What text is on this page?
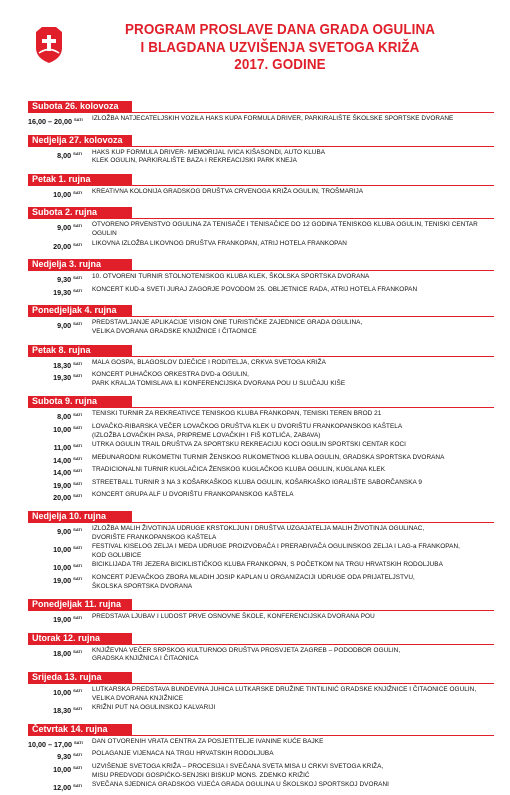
PROGRAM PROSLAVE DANA GRADA OGULINA
I BLAGDANA UZVIŠENJA SVETOGA KRIŽA
2017. GODINE
Subota 26. kolovoza
16,00 – 20,00 $^{SATI}$	IZLOŽBA NATJECATELJSKIH VOZILA HAKS KUPA FORMULA DRIVER, PARKIRALIŠTE ŠKOLSKE SPORTSKE DVORANE
Nedjelja 27. kolovoza
8,00 $^{SATI}$	HAKS KUP FORMULA DRIVER- MEMORIJAL IVICA KIŠASONDI, AUTO KLUBA
KLEK OGULIN, PARKIRALIŠTE BAZA I REKREACIJSKI PARK KNEJA
Petak 1. rujna
10,00 $^{SATI}$	KREATIVNA KOLONIJA GRADSKOG DRUŠTVA CRVENOGA KRIŽA OGULIN, TROŠMARIJA
Subota 2. rujna
9,00 $^{SATI}$	OTVORENO PRVENSTVO OGULINA ZA TENISAČE I TENISAČICE DO 12 GODINA TENISKOG KLUBA OGULIN, TENISKI CENTAR OGULIN
20,00 $^{SATI}$	LIKOVNA IZLOŽBA LIKOVNOG DRUŠTVA FRANKOPAN, ATRIJ HOTELA FRANKOPAN
Nedjelja 3. rujna
9,30 $^{SATI}$	10. OTVORENI TURNIR STOLNOTENISKOG KLUBA KLEK, ŠKOLSKA SPORTSKA DVORANA
19,30 $^{SATI}$	KONCERT KUD-a SVETI JURAJ ZAGORJE POVODOM 25. OBLJETNICE RADA, ATRIJ HOTELA FRANKOPAN
Ponedjeljak 4. rujna
9,00 $^{SATI}$	PREDSTAVLJANJE APLIKACIJE VISION ONE TURISTIČKE ZAJEDNICE GRADA OGULINA,
VELIKA DVORANA GRADSKE KNJIŽNICE I ČITAONICE
Petak 8. rujna
18,30 $^{SATI}$	MALA GOSPA, BLAGOSLOV DJEČICE I RODITELJA, CRKVA SVETOGA KRIŽA
19,30 $^{SATI}$	KONCERT PUHAČKOG ORKESTRA DVD-a OGULIN,
PARK KRALJA TOMISLAVA ILI KONFERENCIJSKA DVORANA POU U SLUČAJU KIŠE
Subota 9. rujna
8,00 $^{SATI}$	TENISKI TURNIR ZA REKREATIVCE TENISKOG KLUBA FRANKOPAN, TENISKI TEREN BROD 21
10,00 $^{SATI}$	LOVAČKO-RIBARSKA VEČER LOVAČKOG DRUŠTVA KLEK U DVORIŠTU FRANKOPANSKOG KAŠTELA
(IZLOŽBA LOVAČKIH PASA, PRIPREME LOVAČKIH I FIŠ KOTLIĆA, ZABAVA)
11,00 $^{SATI}$	UTRKA OGULIN TRAIL DRUŠTVA ZA SPORTSKU REKREACIJU KOCI OGULIN SPORTSKI CENTAR KOCI
14,00 $^{SATI}$	MEĐUNARODNI RUKOMETNI TURNIR ŽENSKOG RUKOMETNOG KLUBA OGULIN, GRADSKA SPORTSKA DVORANA
14,00 $^{SATI}$	TRADICIONALNI TURNIR KUGLAČICA ŽENSKOG KUGLAČKOG KLUBA OGULIN, KUGLANA KLEK
19,00 $^{SATI}$	STREETBALL TURNIR 3 NA 3 KOŠARKAŠKOG KLUBA OGULIN, KOŠARKAŠKO IGRALIŠTE SABORČANSKA 9
20,00 $^{SATI}$	KONCERT GRUPA ALF U DVORIŠTU FRANKOPANSKOG KAŠTELA
Nedjelja 10. rujna
9,00 $^{SATI}$	IZLOŽBA MALIH ŽIVOTINJA UDRUGE KRSTOKLJUN I DRUŠTVA UZGAJATELJA MALIH ŽIVOTINJA OGULINAC,
DVORIŠTE FRANKOPANSKOG KAŠTELA
10,00 $^{SATI}$	FESTIVAL KISELOG ZELJA I MEDA UDRUGE PROIZVOĐAČA I PRERAĐIVAČA OGULINSKOG ZELJA I LAG-a FRANKOPAN,
KOD GOLUBICE
10,00 $^{SATI}$	BICIKLIJADA TRI JEZERA BICIKLISTIČKOG KLUBA FRANKOPAN, S POČETKOM NA TRGU HRVATSKIH RODOLJUBA
19,00 $^{SATI}$	KONCERT PJEVAČKOG ZBORA MLADIH JOSIP KAPLAN U ORGANIZACIJI UDRUGE ODA PRIJATELJSTVU,
ŠKOLSKA SPORTSKA DVORANA
Ponedjeljak 11. rujna
19,00 $^{SATI}$	PREDSTAVA LJUBAV I LUDOST PRVE OSNOVNE ŠKOLE, KONFERENCIJSKA DVORANA POU
Utorak 12. rujna
18,00 $^{SATI}$	KNJIŽEVNA VEČER SRPSKOG KULTURNOG DRUŠTVA PROSVJETA ZAGREB – PODODBOR OGULIN,
GRADSKA KNJIŽNICA I ČITAONICA
Srijeda 13. rujna
10,00 $^{SATI}$	LUTKARSKA PREDSTAVA BUNDEVINA JUHICA LUTKARSKE DRUŽINE TINTILINIĆ GRADSKE KNJIŽNICE I ČITAONICE OGULIN,
VELIKA DVORANA KNJIŽNICE
18,30 $^{SATI}$	KRIŽNI PUT NA OGULINSKOJ KALVARIJI
Četvrtak 14. rujna
10,00 – 17,00 $^{SATI}$	DAN OTVORENIH VRATA CENTRA ZA POSJETITELJE IVANINE KUĆE BAJKE
9,30 $^{SATI}$	POLAGANJE VIJENACA NA TRGU HRVATSKIH RODOLJUBA
10,00 $^{SATI}$	UZVIŠENJE SVETOGA KRIŽA – PROCESIJA I SVEČANA SVETA MISA U CRKVI SVETOGA KRIŽA,
MISU PREDVODI GOSPIĆKO-SENJSKI BISKUP MONS. ZDENKO KRIŽIĆ
12,00 $^{SATI}$	SVEČANA SJEDNICA GRADSKOG VIJEĆA GRADA OGULINA U ŠKOLSKOJ SPORTSKOJ DVORANI
